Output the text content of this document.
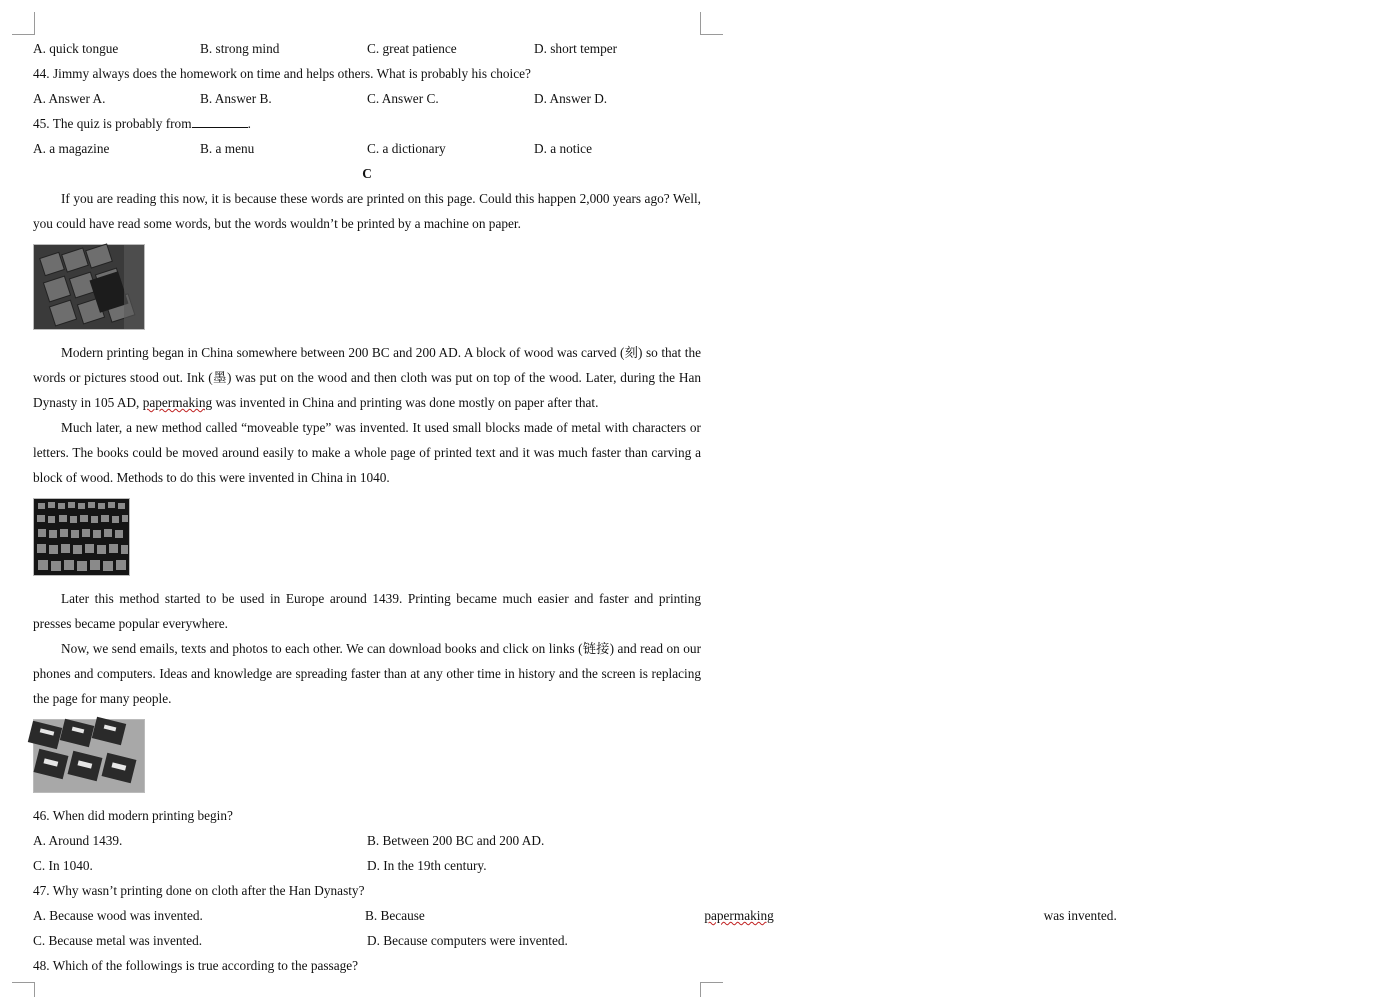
A. quick tongue	B. strong mind	C. great patience	D. short temper
44. Jimmy always does the homework on time and helps others. What is probably his choice?
A. Answer A.	B. Answer B.	C. Answer C.	D. Answer D.
45. The quiz is probably from	.
A. a magazine	B. a menu	C. a dictionary	D. a notice
C

If you are reading this now, it is because these words are printed on this page. Could this happen 2,000 years ago? Well, you could have read some words, but the words wouldn’t be printed by a machine on paper.

Modern printing began in China somewhere between 200 BC and 200 AD. A block of wood was carved (刻) so that the words or pictures stood out. Ink (墨) was put on the wood and then cloth was put on top of the wood. Later, during the Han Dynasty in 105 AD, papermaking was invented in China and printing was done mostly on paper after that.

Much later, a new method called “moveable type” was invented. It used small blocks made of metal with characters or letters. The books could be moved around easily to make a whole page of printed text and it was much faster than carving a block of wood. Methods to do this were invented in China in 1040.

Later this method started to be used in Europe around 1439. Printing became much easier and faster and printing presses became popular everywhere.

Now, we send emails, texts and photos to each other. We can download books and click on links (链接) and read on our phones and computers. Ideas and knowledge are spreading faster than at any other time in history and the screen is replacing the page for many people.

46. When did modern printing begin?
A. Around 1439.	B. Between 200 BC and 200 AD.
C. In 1040.	D. In the 19th century.
47. Why wasn’t printing done on cloth after the Han Dynasty?
A. Because wood was invented.	B. Because	papermaking	was invented.
C. Because metal was invented.	D. Because computers were invented.
48. Which of the followings is true according to the passage?
